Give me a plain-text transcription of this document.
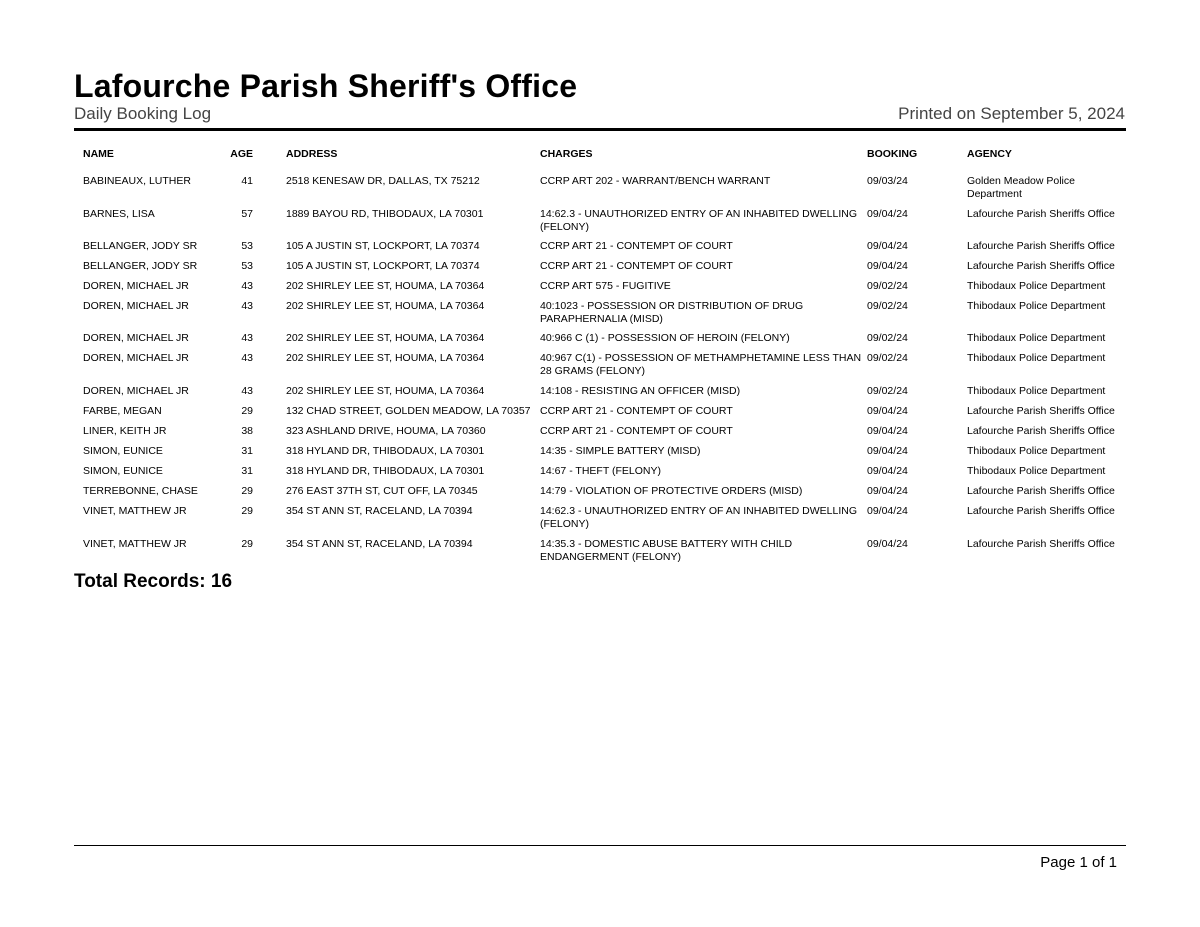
Lafourche Parish Sheriff's Office
Daily Booking Log	Printed on September 5, 2024
NAME	AGE	ADDRESS	CHARGES	BOOKING	AGENCY
BABINEAUX, LUTHER	41	2518 KENESAW DR, DALLAS, TX 75212	CCRP ART 202 - WARRANT/BENCH WARRANT	09/03/24	Golden Meadow Police Department
BARNES, LISA	57	1889 BAYOU RD, THIBODAUX, LA 70301	14:62.3 - UNAUTHORIZED ENTRY OF AN INHABITED DWELLING (FELONY)	09/04/24	Lafourche Parish Sheriffs Office
BELLANGER, JODY SR	53	105 A JUSTIN ST, LOCKPORT, LA 70374	CCRP ART 21 - CONTEMPT OF COURT	09/04/24	Lafourche Parish Sheriffs Office
BELLANGER, JODY SR	53	105 A JUSTIN ST, LOCKPORT, LA 70374	CCRP ART 21 - CONTEMPT OF COURT	09/04/24	Lafourche Parish Sheriffs Office
DOREN, MICHAEL JR	43	202 SHIRLEY LEE ST, HOUMA, LA 70364	CCRP ART 575 - FUGITIVE	09/02/24	Thibodaux Police Department
DOREN, MICHAEL JR	43	202 SHIRLEY LEE ST, HOUMA, LA 70364	40:1023 - POSSESSION OR DISTRIBUTION OF DRUG PARAPHERNALIA (MISD)	09/02/24	Thibodaux Police Department
DOREN, MICHAEL JR	43	202 SHIRLEY LEE ST, HOUMA, LA 70364	40:966 C (1) - POSSESSION OF HEROIN (FELONY)	09/02/24	Thibodaux Police Department
DOREN, MICHAEL JR	43	202 SHIRLEY LEE ST, HOUMA, LA 70364	40:967 C(1) - POSSESSION OF METHAMPHETAMINE LESS THAN 28 GRAMS (FELONY)	09/02/24	Thibodaux Police Department
DOREN, MICHAEL JR	43	202 SHIRLEY LEE ST, HOUMA, LA 70364	14:108 - RESISTING AN OFFICER (MISD)	09/02/24	Thibodaux Police Department
FARBE, MEGAN	29	132 CHAD STREET, GOLDEN MEADOW, LA 70357	CCRP ART 21 - CONTEMPT OF COURT	09/04/24	Lafourche Parish Sheriffs Office
LINER, KEITH JR	38	323 ASHLAND DRIVE, HOUMA, LA 70360	CCRP ART 21 - CONTEMPT OF COURT	09/04/24	Lafourche Parish Sheriffs Office
SIMON, EUNICE	31	318 HYLAND DR, THIBODAUX, LA 70301	14:35 - SIMPLE BATTERY (MISD)	09/04/24	Thibodaux Police Department
SIMON, EUNICE	31	318 HYLAND DR, THIBODAUX, LA 70301	14:67 - THEFT (FELONY)	09/04/24	Thibodaux Police Department
TERREBONNE, CHASE	29	276 EAST 37TH ST, CUT OFF, LA 70345	14:79 - VIOLATION OF PROTECTIVE ORDERS (MISD)	09/04/24	Lafourche Parish Sheriffs Office
VINET, MATTHEW JR	29	354 ST ANN ST, RACELAND, LA 70394	14:62.3 - UNAUTHORIZED ENTRY OF AN INHABITED DWELLING (FELONY)	09/04/24	Lafourche Parish Sheriffs Office
VINET, MATTHEW JR	29	354 ST ANN ST, RACELAND, LA 70394	14:35.3 - DOMESTIC ABUSE BATTERY WITH CHILD ENDANGERMENT (FELONY)	09/04/24	Lafourche Parish Sheriffs Office
Total Records: 16
Page 1 of 1
